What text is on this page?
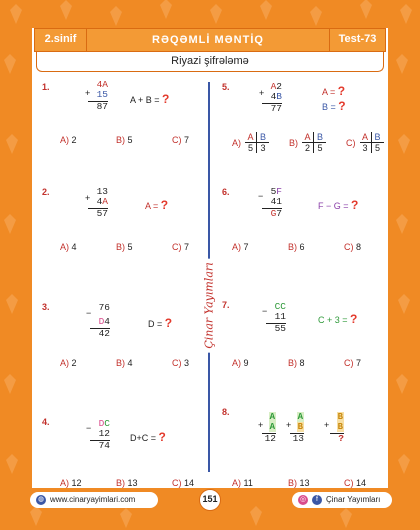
2.sinif	RƏQƏMLİ MƏNTİQ	Test-73
Riyazi şifrələmə
Çinar Yayımları
1.	4A
15
87
+
A + B = ?
A) 2	B) 5	C) 7
2.	13
4A
57
+
A = ?
A) 4	B) 5	C) 7
3.	76
D4
42
−
D = ?
A) 2	B) 4	C) 3
4.	DC
12
74
−
D+C = ?
A) 12	B) 13	C) 14
5.	A2
4B
77
+	A = ?
B = ?
A)
A B
5 3
B)
A B
2 5
C)
A B
3 5
6.	5F
41
G7
−
F − G = ?
A) 7	B) 6	C) 8
7.	CC
11
55
−
C + 3 = ?
A) 9	B) 8	C) 7
8.	A
A
12
A
B
13
B
B
?
+	+	+
A) 11	B) 13	C) 14
◍ www.cinaryayimlari.com	151	◎	f	Çinar Yayımları
